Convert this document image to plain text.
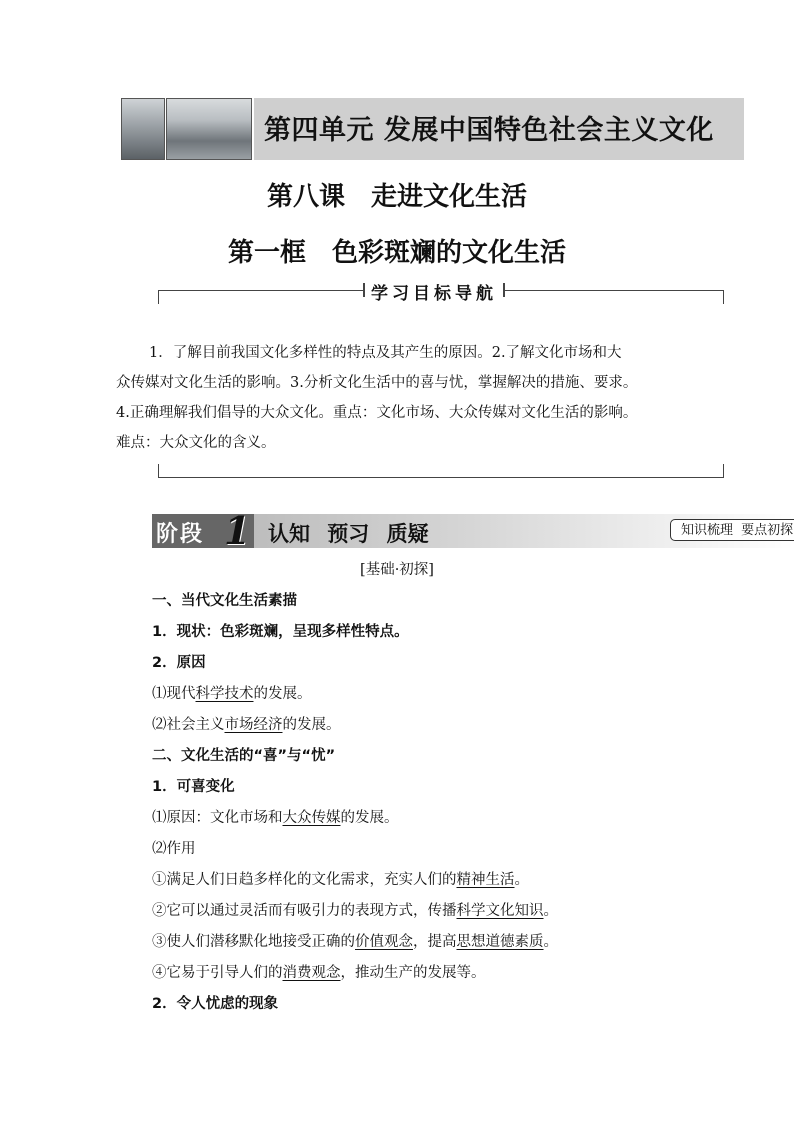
第四单元 发展中国特色社会主义文化
第八课　走进文化生活
第一框　色彩斑斓的文化生活
学习目标导航

1．了解目前我国文化多样性的特点及其产生的原因。2.了解文化市场和大

众传媒对文化生活的影响。3.分析文化生活中的喜与忧，掌握解决的措施、要求。

4.正确理解我们倡导的大众文化。重点：文化市场、大众传媒对文化生活的影响。

难点：大众文化的含义。

阶段 1 认知 预习 质疑	知识梳理 要点初探
[基础·初探]

一、当代文化生活素描

1．现状：色彩斑斓，呈现多样性特点。

2．原因

⑴现代科学技术的发展。

⑵社会主义市场经济的发展。

二、文化生活的“喜”与“忧”

1．可喜变化

⑴原因：文化市场和大众传媒的发展。

⑵作用

①满足人们日趋多样化的文化需求，充实人们的精神生活。

②它可以通过灵活而有吸引力的表现方式，传播科学文化知识。

③使人们潜移默化地接受正确的价值观念，提高思想道德素质。

④它易于引导人们的消费观念，推动生产的发展等。

2．令人忧虑的现象
